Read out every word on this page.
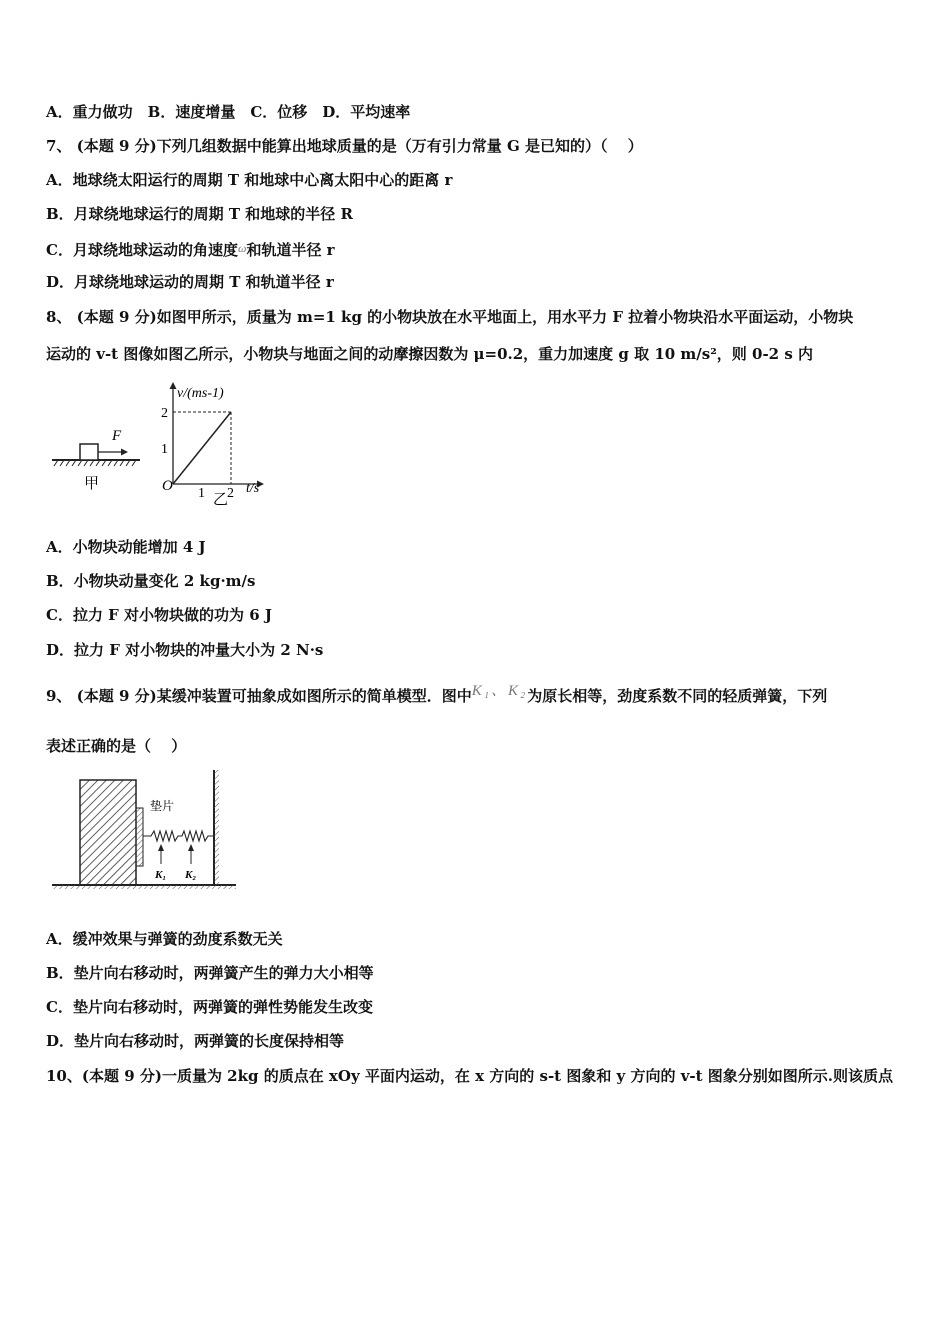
A．重力做功　B．速度增量　C．位移　D．平均速率
7、 (本题 9 分)下列几组数据中能算出地球质量的是（万有引力常量 G 是已知的）（　 ）
A．地球绕太阳运行的周期 T 和地球中心离太阳中心的距离 r
B．月球绕地球运行的周期 T 和地球的半径 R
C．月球绕地球运动的角速度$^\omega$和轨道半径 r
D．月球绕地球运动的周期 T 和轨道半径 r
8、 (本题 9 分)如图甲所示，质量为 m=1 kg 的小物块放在水平地面上，用水平力 F 拉着小物块沿水平面运动，小物块
运动的 v-t 图像如图乙所示，小物块与地面之间的动摩擦因数为 μ=0.2，重力加速度 g 取 10 m/s²，则 0-2 s 内
F
甲
v/(ms-1)
t/s
O
乙
1
2
1 2
A．小物块动能增加 4 J
B．小物块动量变化 2 kg·m/s
C．拉力 F 对小物块做的功为 6 J
D．拉力 F 对小物块的冲量大小为 2 N·s
9、 (本题 9 分)某缓冲装置可抽象成如图所示的简单模型．图中K₁、K₂为原长相等，劲度系数不同的轻质弹簧，下列
表述正确的是（　 ）
垫片
K₁ K₂
A．缓冲效果与弹簧的劲度系数无关
B．垫片向右移动时，两弹簧产生的弹力大小相等
C．垫片向右移动时，两弹簧的弹性势能发生改变
D．垫片向右移动时，两弹簧的长度保持相等
10、(本题 9 分)一质量为 2kg 的质点在 xOy 平面内运动，在 x 方向的 s-t 图象和 y 方向的 v-t 图象分别如图所示.则该质点
